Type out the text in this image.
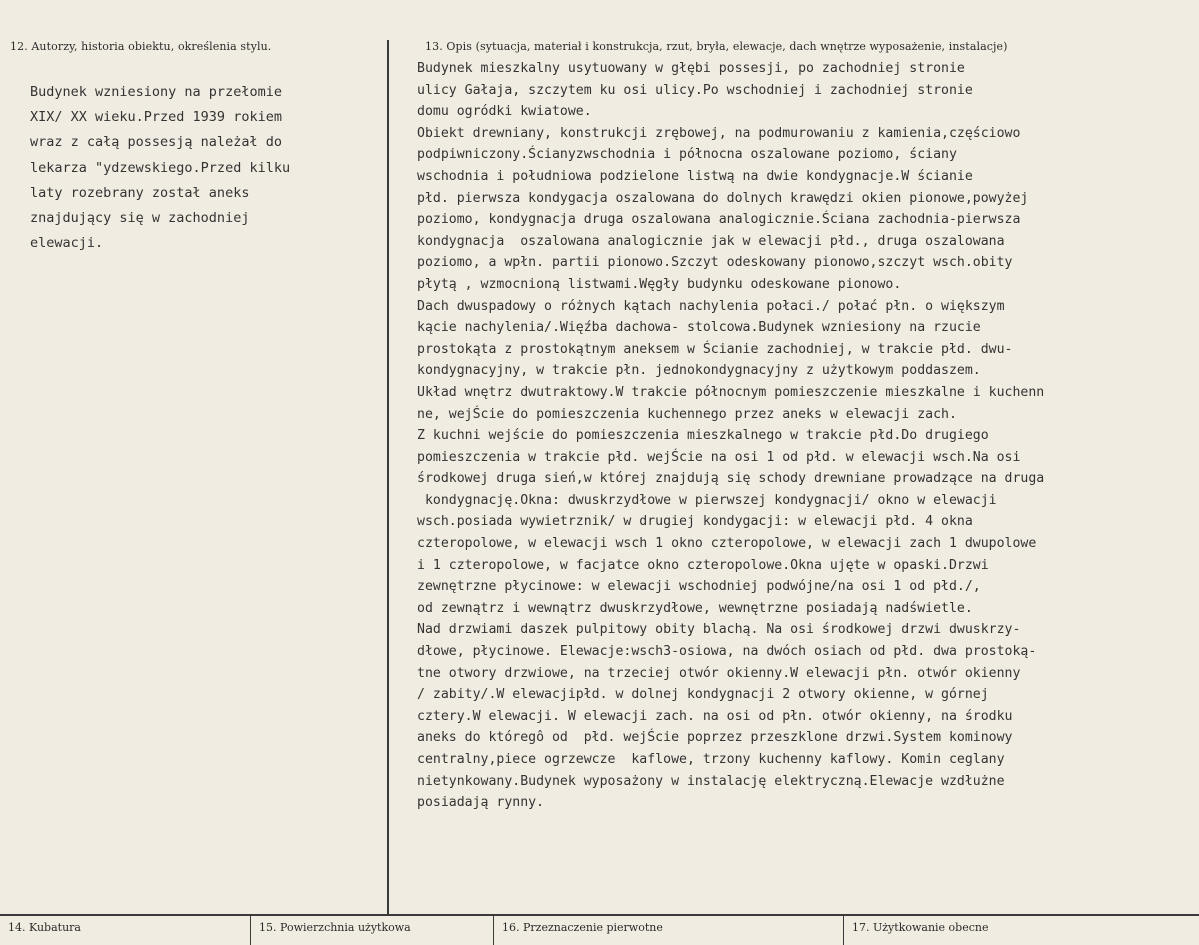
12. Autorzy, historia obiektu, określenia stylu.	13. Opis (sytuacja, materiał i konstrukcja, rzut, bryła, elewacje, dach wnętrze wyposażenie, instalacje)
Budynek wzniesiony na przełomie
XIX/ XX wieku.Przed 1939 rokiem
wraz z całą possesją należał do
lekarza "ydzewskiego.Przed kilku
laty rozebrany został aneks
znajdujący się w zachodniej
elewacji.
Budynek mieszkalny usytuowany w głębi possesji, po zachodniej stronie
ulicy Gałaja, szczytem ku osi ulicy.Po wschodniej i zachodniej stronie
domu ogródki kwiatowe.
Obiekt drewniany, konstrukcji zrębowej, na podmurowaniu z kamienia,częściowo
podpiwniczony.Ścianyzwschodnia i północna oszalowane poziomo, ściany
wschodnia i południowa podzielone listwą na dwie kondygnacje.W ścianie
płd. pierwsza kondygacja oszalowana do dolnych krawędzi okien pionowe,powyżej
poziomo, kondygnacja druga oszalowana analogicznie.Ściana zachodnia-pierwsza
kondygnacja  oszalowana analogicznie jak w elewacji płd., druga oszalowana
poziomo, a wpłn. partii pionowo.Szczyt odeskowany pionowo,szczyt wsch.obity
płytą , wzmocnioną listwami.Węgły budynku odeskowane pionowo.
Dach dwuspadowy o różnych kątach nachylenia połaci./ połać płn. o większym
kącie nachylenia/.Więźba dachowa- stolcowa.Budynek wzniesiony na rzucie
prostokąta z prostokątnym aneksem w Ścianie zachodniej, w trakcie płd. dwu-
kondygnacyjny, w trakcie płn. jednokondygnacyjny z użytkowym poddaszem.
Układ wnętrz dwutraktowy.W trakcie północnym pomieszczenie mieszkalne i kuchenn
ne, wejŚcie do pomieszczenia kuchennego przez aneks w elewacji zach.
Z kuchni wejście do pomieszczenia mieszkalnego w trakcie płd.Do drugiego
pomieszczenia w trakcie płd. wejŚcie na osi 1 od płd. w elewacji wsch.Na osi
środkowej druga sień,w której znajdują się schody drewniane prowadzące na druga
kondygnację.Okna: dwuskrzydłowe w pierwszej kondygnacji/ okno w elewacji
wsch.posiada wywietrznik/ w drugiej kondygacji: w elewacji płd. 4 okna
czteropolowe, w elewacji wsch 1 okno czteropolowe, w elewacji zach 1 dwupolowe
i 1 czteropolowe, w facjatce okno czteropolowe.Okna ujęte w opaski.Drzwi
zewnętrzne płycinowe: w elewacji wschodniej podwójne/na osi 1 od płd./,
od zewnątrz i wewnątrz dwuskrzydłowe, wewnętrzne posiadają nadświetle.
Nad drzwiami daszek pulpitowy obity blachą. Na osi środkowej drzwi dwuskrzy-
dłowe, płycinowe. Elewacje:wsch3-osiowa, na dwóch osiach od płd. dwa prostoką-
tne otwory drzwiowe, na trzeciej otwór okienny.W elewacji płn. otwór okienny
/ zabity/.W elewacjipłd. w dolnej kondygnacji 2 otwory okienne, w górnej
cztery.W elewacji. W elewacji zach. na osi od płn. otwór okienny, na środku
aneks do któregô od  płd. wejŚcie poprzez przeszklone drzwi.System kominowy
centralny,piece ogrzewcze  kaflowe, trzony kuchenny kaflowy. Komin ceglany
nietynkowany.Budynek wyposażony w instalację elektryczną.Elewacje wzdłużne
posiadają rynny.
14. Kubatura	15. Powierzchnia użytkowa	16. Przeznaczenie pierwotne	17. Użytkowanie obecne
